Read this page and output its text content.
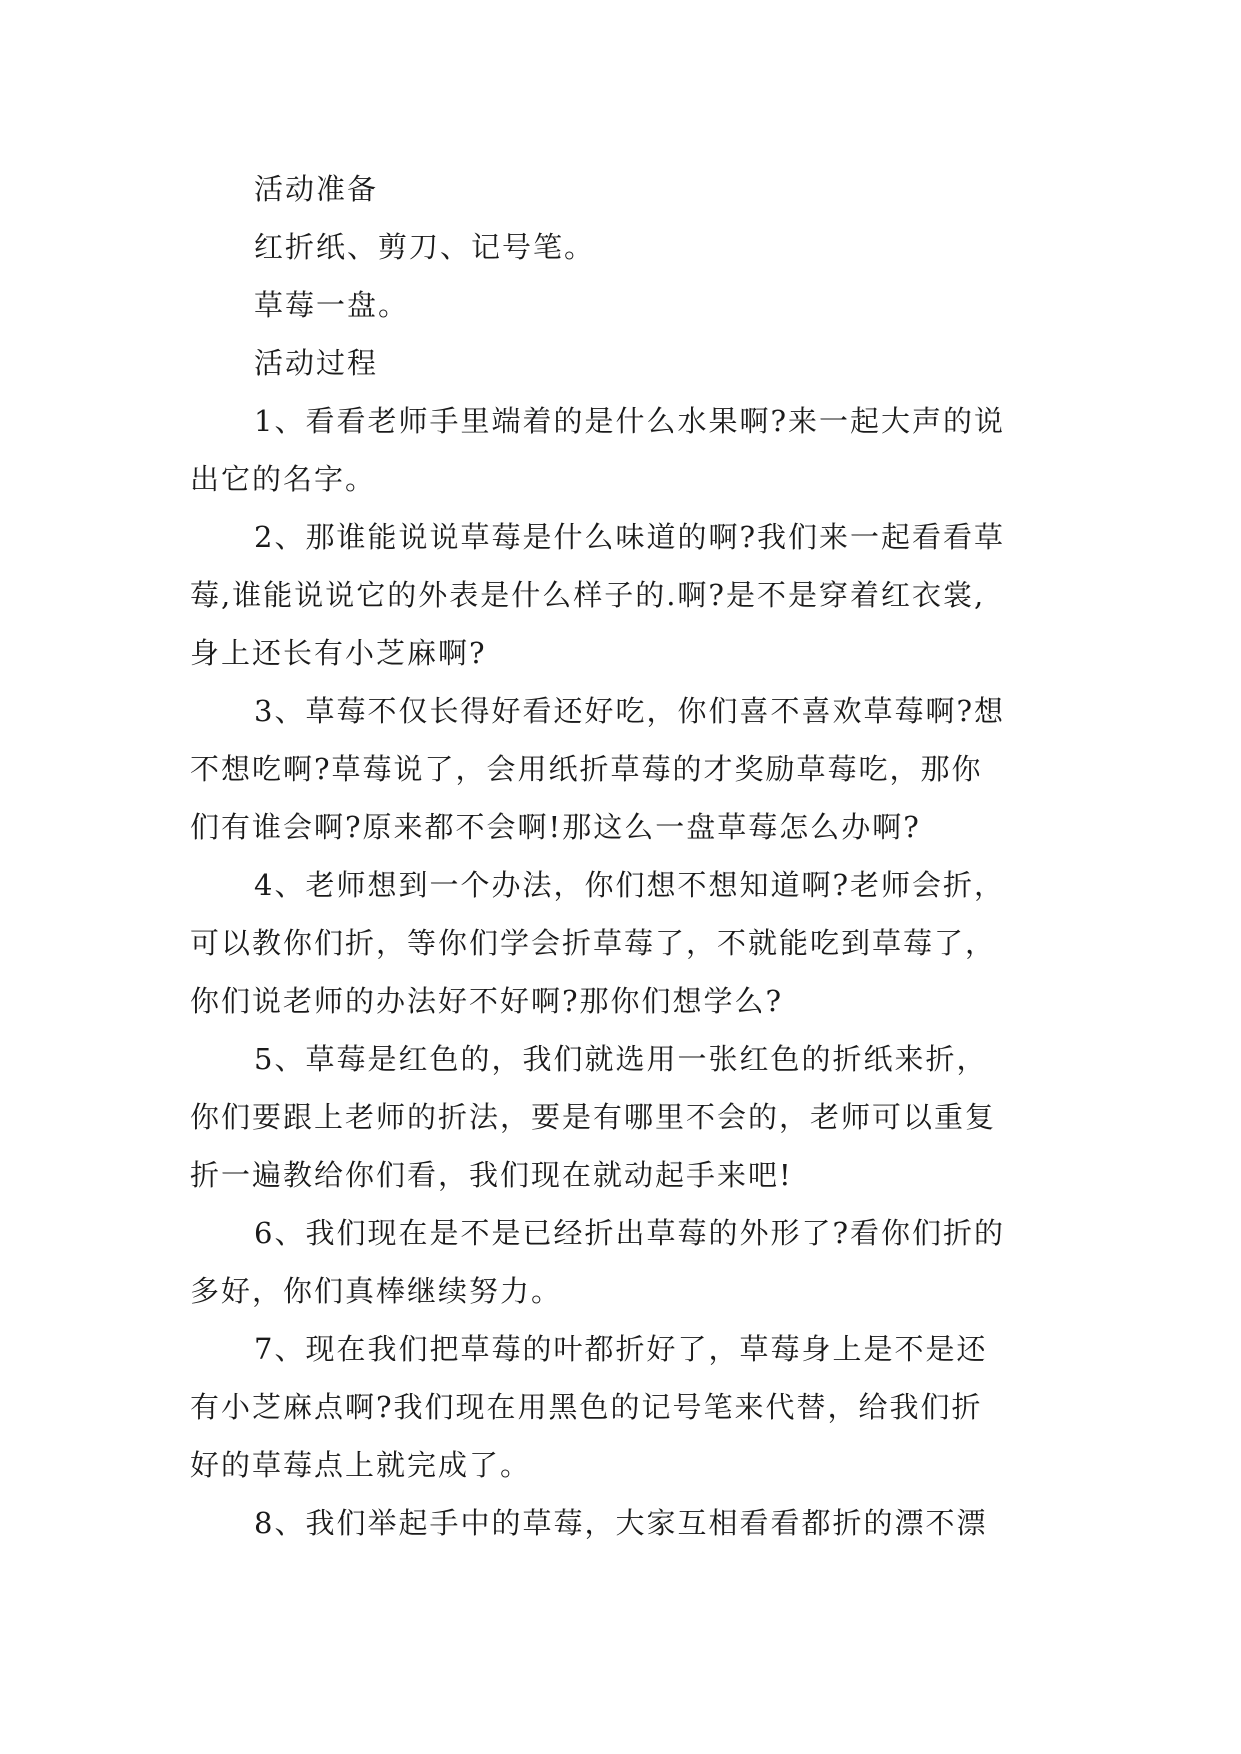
活动准备

红折纸、剪刀、记号笔。

草莓一盘。

活动过程

1、看看老师手里端着的是什么水果啊?来一起大声的说

出它的名字。

2、那谁能说说草莓是什么味道的啊?我们来一起看看草

莓,谁能说说它的外表是什么样子的.啊?是不是穿着红衣裳,

身上还长有小芝麻啊?

3、草莓不仅长得好看还好吃，你们喜不喜欢草莓啊?想

不想吃啊?草莓说了，会用纸折草莓的才奖励草莓吃，那你

们有谁会啊?原来都不会啊!那这么一盘草莓怎么办啊?

4、老师想到一个办法，你们想不想知道啊?老师会折，

可以教你们折，等你们学会折草莓了，不就能吃到草莓了，

你们说老师的办法好不好啊?那你们想学么?

5、草莓是红色的，我们就选用一张红色的折纸来折，

你们要跟上老师的折法，要是有哪里不会的，老师可以重复

折一遍教给你们看，我们现在就动起手来吧!

6、我们现在是不是已经折出草莓的外形了?看你们折的

多好，你们真棒继续努力。

7、现在我们把草莓的叶都折好了，草莓身上是不是还

有小芝麻点啊?我们现在用黑色的记号笔来代替，给我们折

好的草莓点上就完成了。

8、我们举起手中的草莓，大家互相看看都折的漂不漂
